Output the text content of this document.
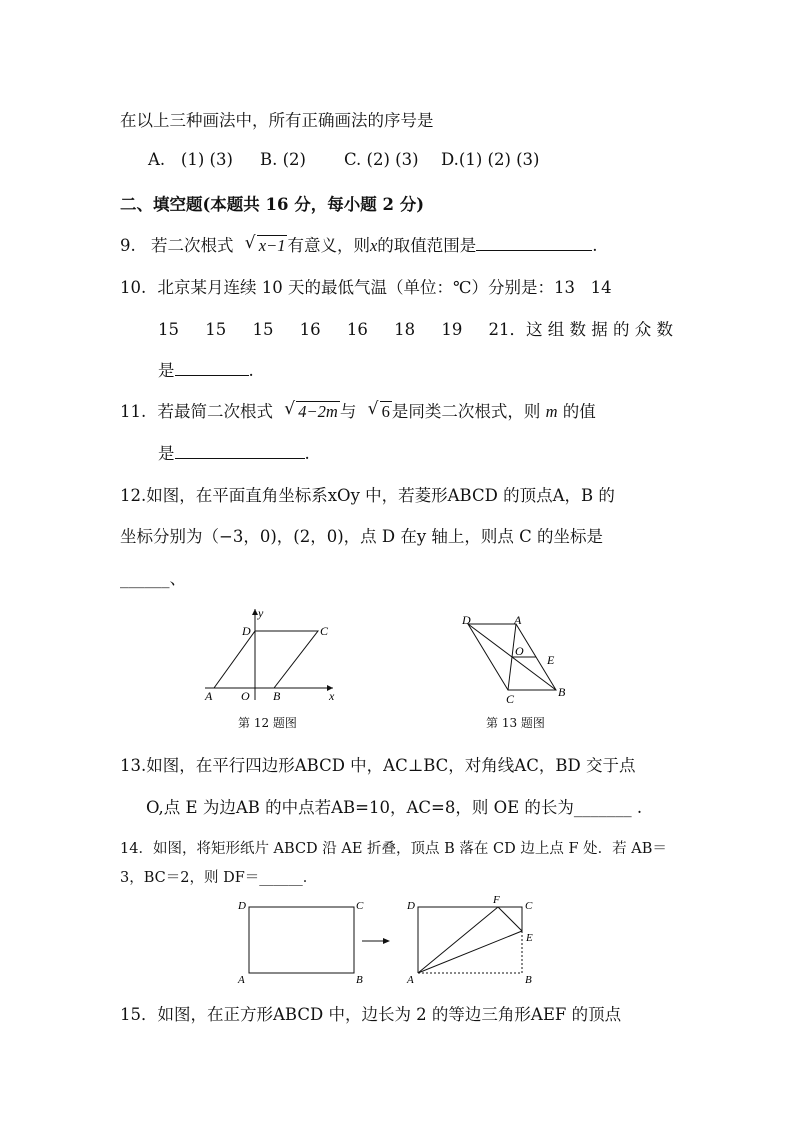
在以上三种画法中，所有正确画法的序号是
A.   (1) (3) B. (2) C. (2) (3) D.(1) (2) (3)
二、填空题(本题共 16 分，每小题 2 分)
9. 若二次根式 √ x−1 有意义，则x的取值范围是	.
10. 北京某月连续 10 天的最低气温（单位：℃）分别是：13   14
15     15     15     16     16     18     19     21．这 组 数 据 的 众 数
是	.
11. 若最简二次根式 √ 4−2m 与 √ 6 是同类二次根式，则 m 的值
是	.
12.如图，在平面直角坐标系xOy 中，若菱形ABCD 的顶点A，B 的
坐标分别为（−3，0)，(2，0)，点 D 在y 轴上，则点 C 的坐标是
______、
y
x
D	C
A O B
第 12 题图
D	A
O
E
C	B
第 13 题图
13.如图，在平行四边形ABCD 中，AC⊥BC，对角线AC，BD 交于点
O,点 E 为边AB 的中点若AB=10，AC=8，则 OE 的长为_______ .
14．如图，将矩形纸片 ABCD 沿 AE 折叠，顶点 B 落在 CD 边上点 F 处．若 AB＝
3，BC＝2，则 DF＝______．
D	C
A	B
D	F C
E
A	B
15．如图，在正方形ABCD 中，边长为 2 的等边三角形AEF 的顶点
